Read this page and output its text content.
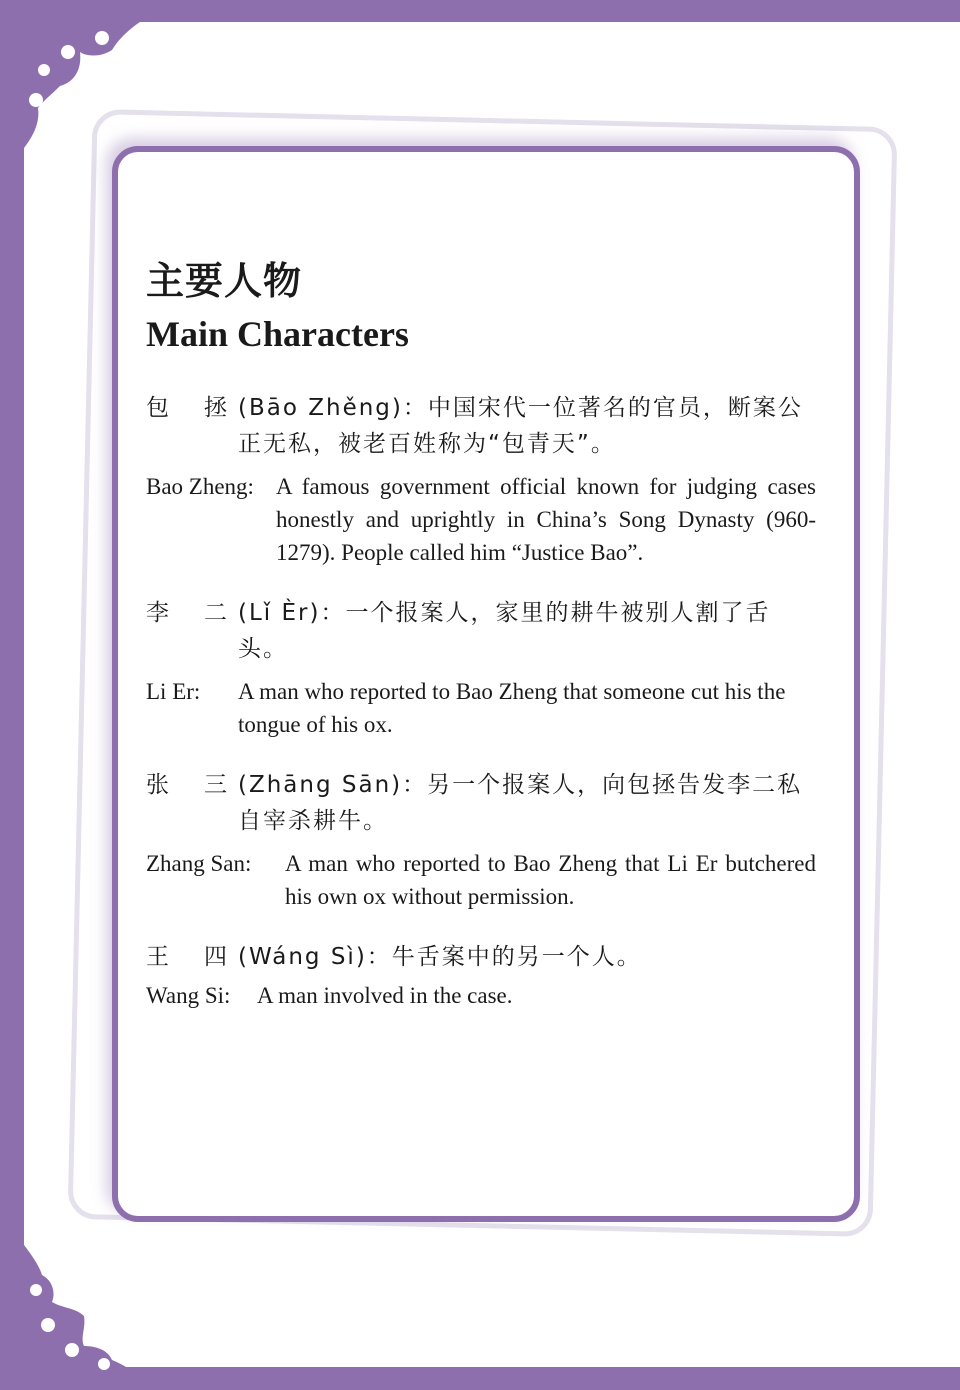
主要人物
Main Characters
包	拯 (Bāo Zhěng)：中国宋代一位著名的官员，断案公正无私，被老百姓称为“包青天”。
Bao Zheng: A famous government official known for judging cases honestly and uprightly in China’s Song Dynasty (960-1279). People called him “Justice Bao”.
李	二 (Lǐ Èr)：一个报案人，家里的耕牛被别人割了舌头。
Li Er:	A man who reported to Bao Zheng that someone cut his the tongue of his ox.
张	三 (Zhāng Sān)：另一个报案人，向包拯告发李二私自宰杀耕牛。
Zhang San:	A man who reported to Bao Zheng that Li Er butchered his own ox without permission.
王	四 (Wáng Sì)：牛舌案中的另一个人。
Wang Si:	A man involved in the case.
